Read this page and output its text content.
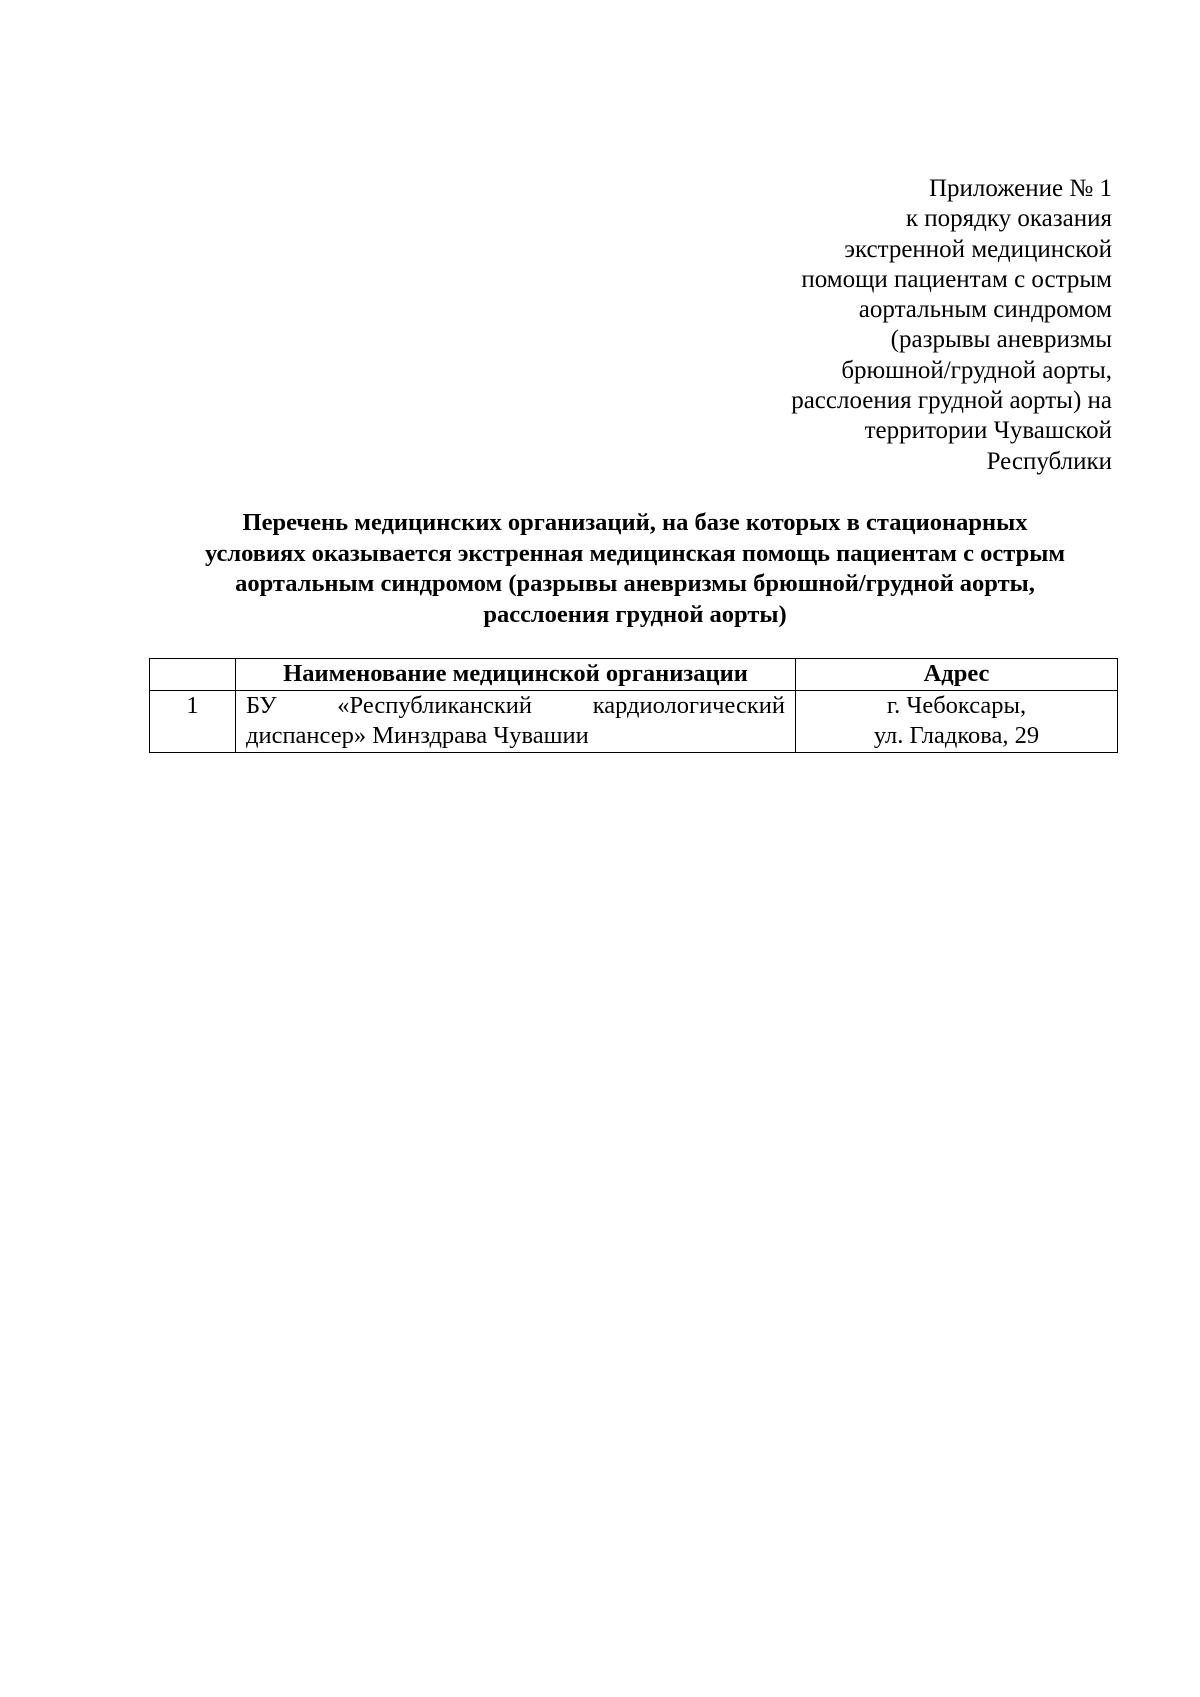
Приложение № 1
к порядку оказания
экстренной медицинской
помощи пациентам с острым
аортальным синдромом
(разрывы аневризмы
брюшной/грудной аорты,
расслоения грудной аорты) на
территории Чувашской
Республики
Перечень медицинских организаций, на базе которых в стационарных
условиях оказывается экстренная медицинская помощь пациентам с острым
аортальным синдромом (разрывы аневризмы брюшной/грудной аорты,
расслоения грудной аорты)
	Наименование медицинской организации	Адрес
1	БУ «Республиканский кардиологический диспансер» Минздрава Чувашии	г. Чебоксары,
ул. Гладкова, 29
